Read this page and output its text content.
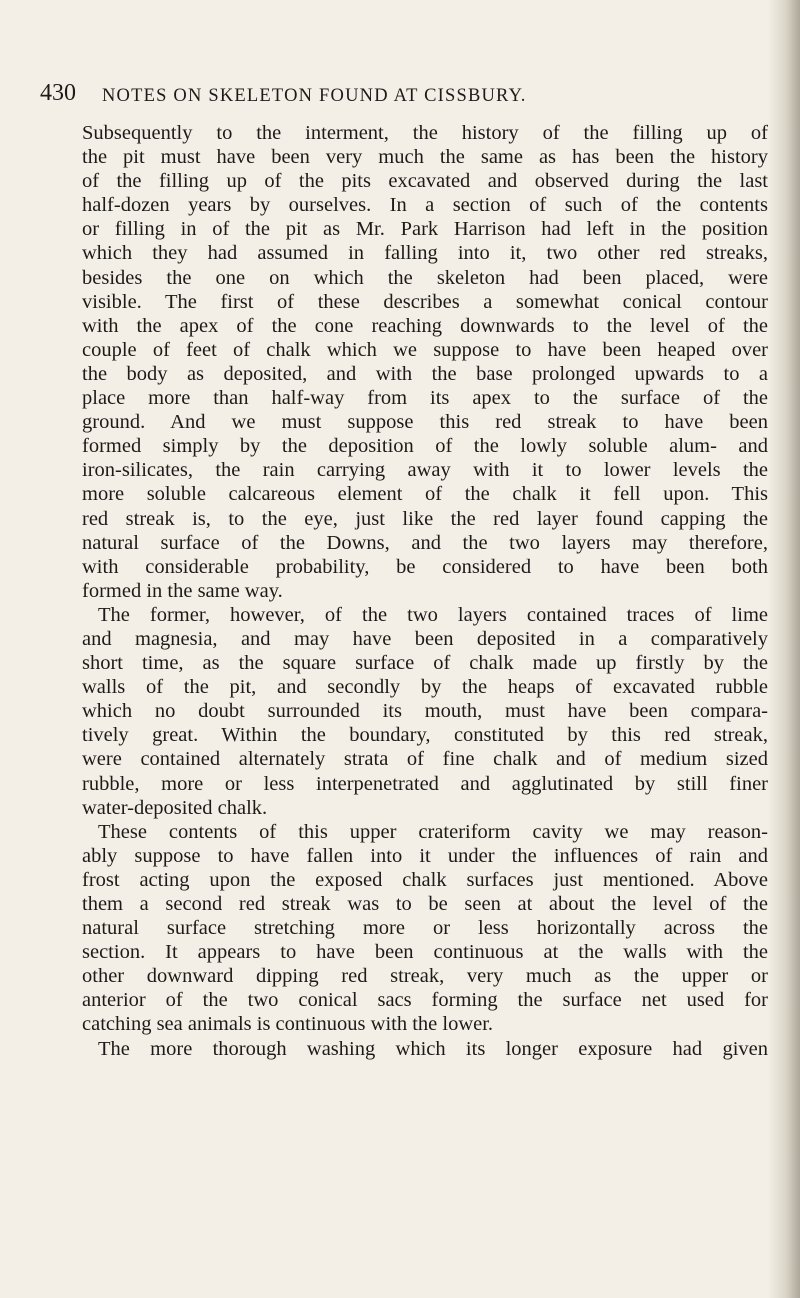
430 NOTES ON SKELETON FOUND AT CISSBURY.
Subsequently to the interment, the history of the filling up of
the pit must have been very much the same as has been the history
of the filling up of the pits excavated and observed during the last
half-dozen years by ourselves. In a section of such of the contents
or filling in of the pit as Mr. Park Harrison had left in the position
which they had assumed in falling into it, two other red streaks,
besides the one on which the skeleton had been placed, were
visible. The first of these describes a somewhat conical contour
with the apex of the cone reaching downwards to the level of the
couple of feet of chalk which we suppose to have been heaped over
the body as deposited, and with the base prolonged upwards to a
place more than half-way from its apex to the surface of the
ground. And we must suppose this red streak to have been
formed simply by the deposition of the lowly soluble alum- and
iron-silicates, the rain carrying away with it to lower levels the
more soluble calcareous element of the chalk it fell upon. This
red streak is, to the eye, just like the red layer found capping the
natural surface of the Downs, and the two layers may therefore,
with considerable probability, be considered to have been both
formed in the same way.
The former, however, of the two layers contained traces of lime
and magnesia, and may have been deposited in a comparatively
short time, as the square surface of chalk made up firstly by the
walls of the pit, and secondly by the heaps of excavated rubble
which no doubt surrounded its mouth, must have been compara-
tively great. Within the boundary, constituted by this red streak,
were contained alternately strata of fine chalk and of medium sized
rubble, more or less interpenetrated and agglutinated by still finer
water-deposited chalk.
These contents of this upper crateriform cavity we may reason-
ably suppose to have fallen into it under the influences of rain and
frost acting upon the exposed chalk surfaces just mentioned. Above
them a second red streak was to be seen at about the level of the
natural surface stretching more or less horizontally across the
section. It appears to have been continuous at the walls with the
other downward dipping red streak, very much as the upper or
anterior of the two conical sacs forming the surface net used for
catching sea animals is continuous with the lower.
The more thorough washing which its longer exposure had given
